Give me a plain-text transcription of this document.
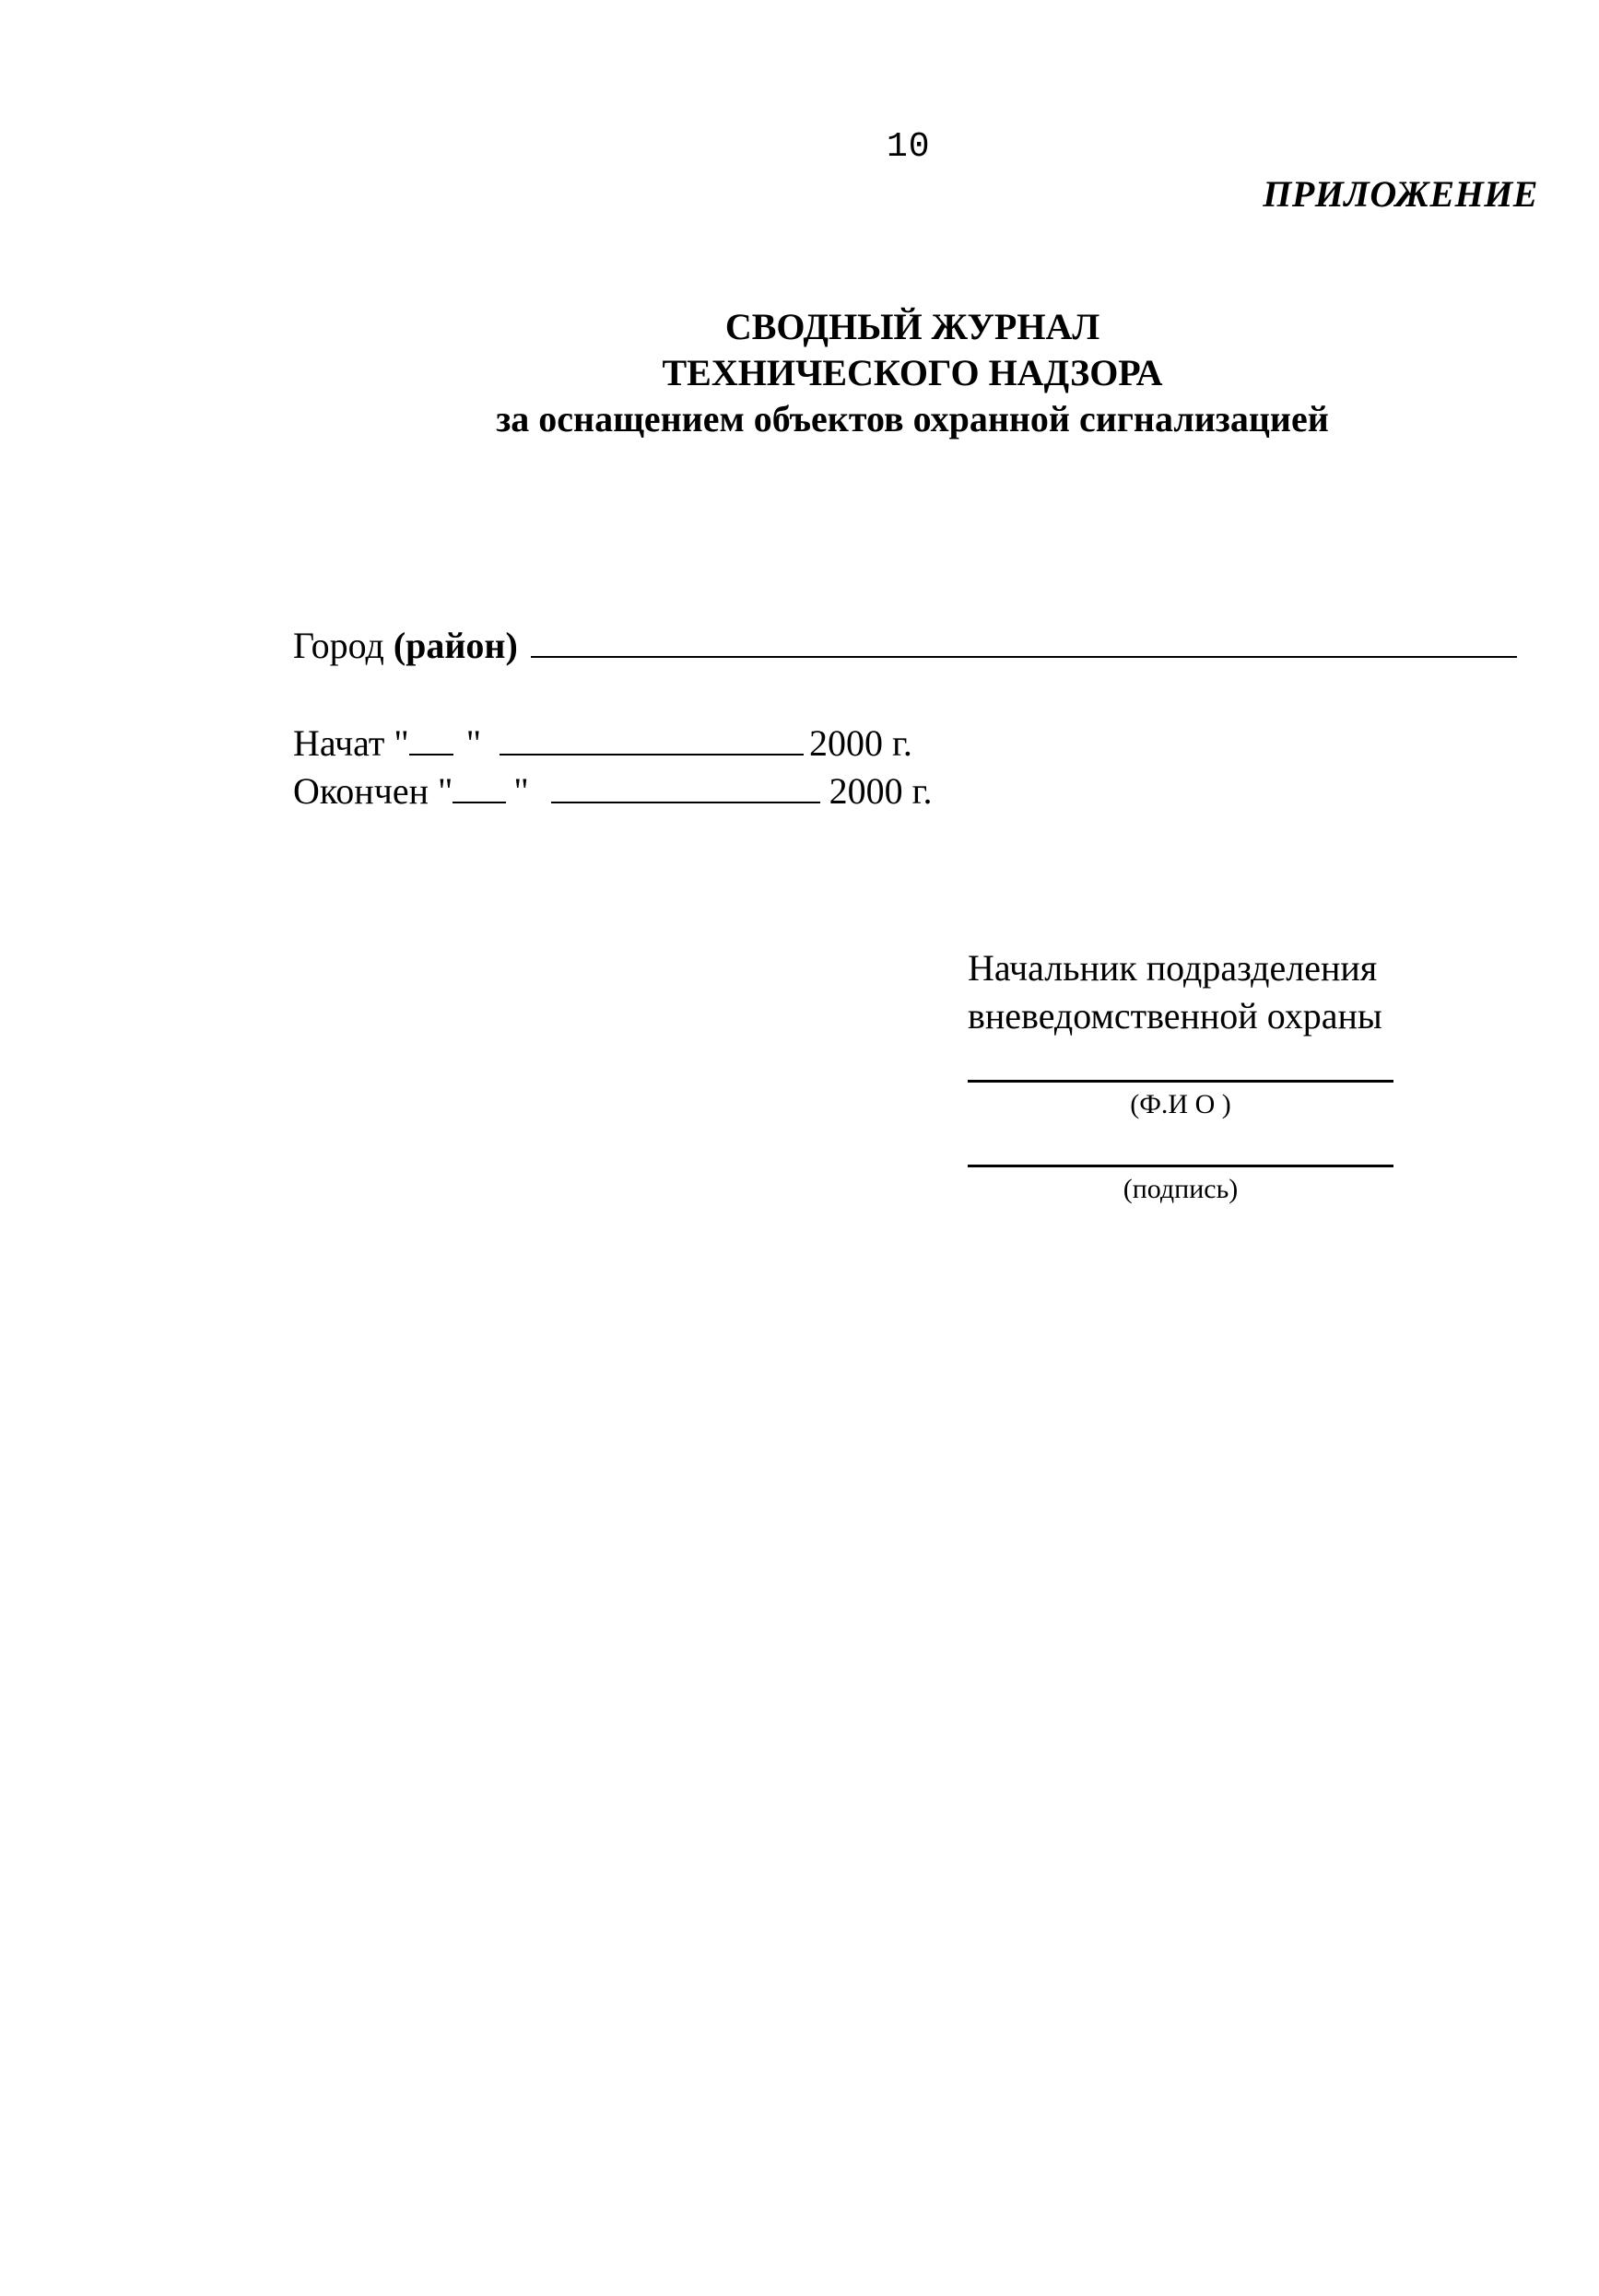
10
ПРИЛОЖЕНИЕ
СВОДНЫЙ ЖУРНАЛ
ТЕХНИЧЕСКОГО НАДЗОРА
за оснащением объектов охранной сигнализацией
Город
(район)
Начат " "	2000 г.
Окончен " "	2000 г.
Начальник подразделения
вневедомственной охраны
(Ф.И О )
(подпись)
